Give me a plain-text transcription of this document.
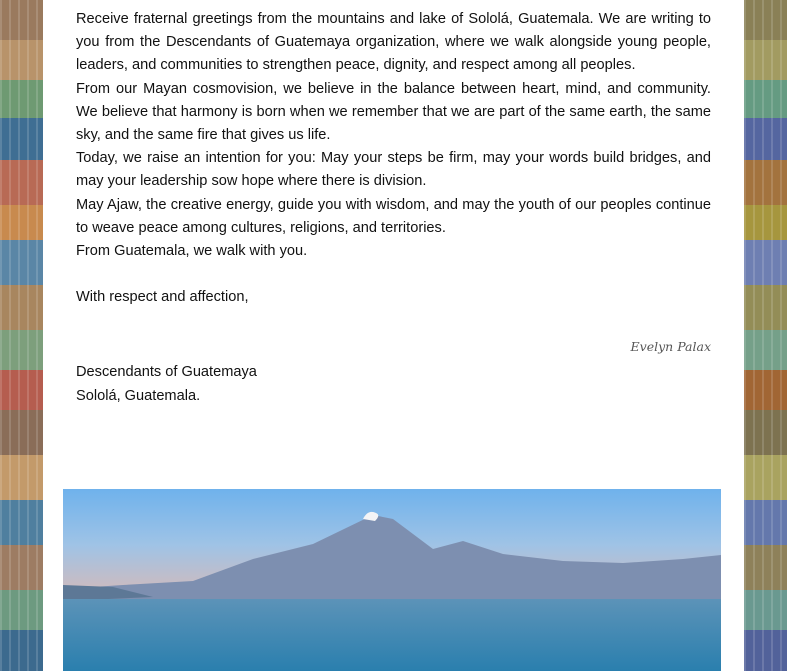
Receive fraternal greetings from the mountains and lake of Sololá, Guatemala. We are writing to you from the Descendants of Guatemaya organization, where we walk alongside young people, leaders, and communities to strengthen peace, dignity, and respect among all peoples.

From our Mayan cosmovision, we believe in the balance between heart, mind, and community. We believe that harmony is born when we remember that we are part of the same earth, the same sky, and the same fire that gives us life.

Today, we raise an intention for you: May your steps be firm, may your words build bridges, and may your leadership sow hope where there is division.

May Ajaw, the creative energy, guide you with wisdom, and may the youth of our peoples continue to weave peace among cultures, religions, and territories.

From Guatemala, we walk with you.

With respect and affection,

Evelyn Palax

Descendants of Guatemaya

Sololá, Guatemala.
